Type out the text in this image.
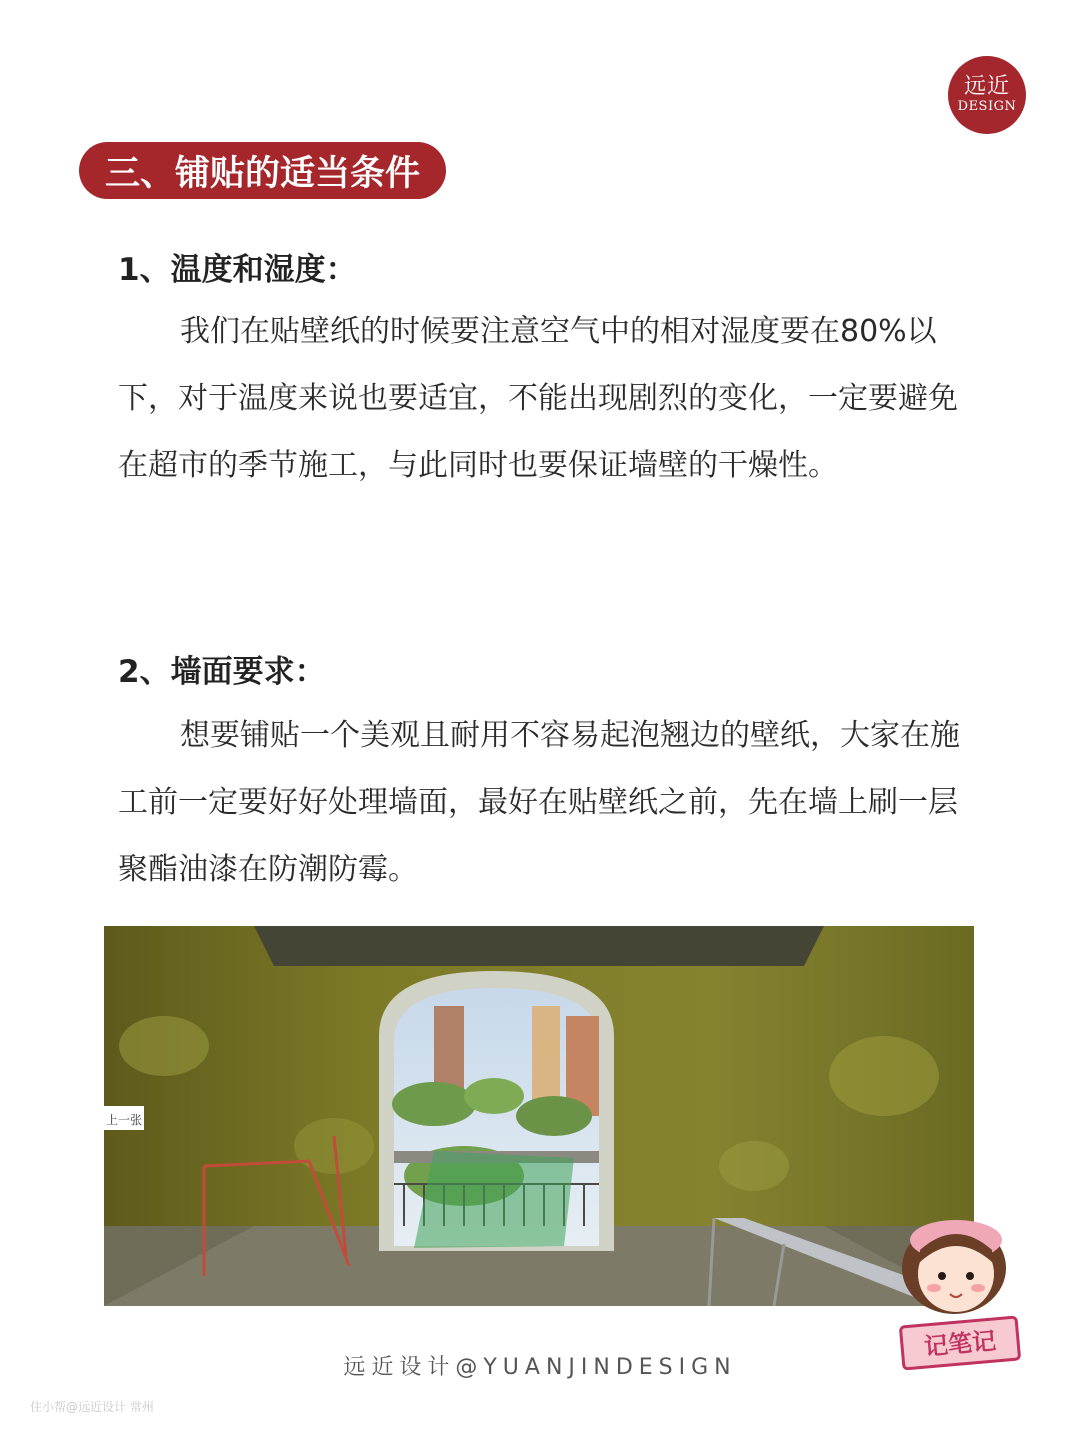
远近
DESIGN
三、铺贴的适当条件
1、温度和湿度：

我们在贴壁纸的时候要注意空气中的相对湿度要在80%以下，对于温度来说也要适宜，不能出现剧烈的变化，一定要避免在超市的季节施工，与此同时也要保证墙壁的干燥性。

2、墙面要求：

想要铺贴一个美观且耐用不容易起泡翘边的壁纸，大家在施工前一定要好好处理墙面，最好在贴壁纸之前，先在墙上刷一层聚酯油漆在防潮防霉。

上一张
记笔记
远近设计@YUANJINDESIGN
住小帮@远近设计 常州
